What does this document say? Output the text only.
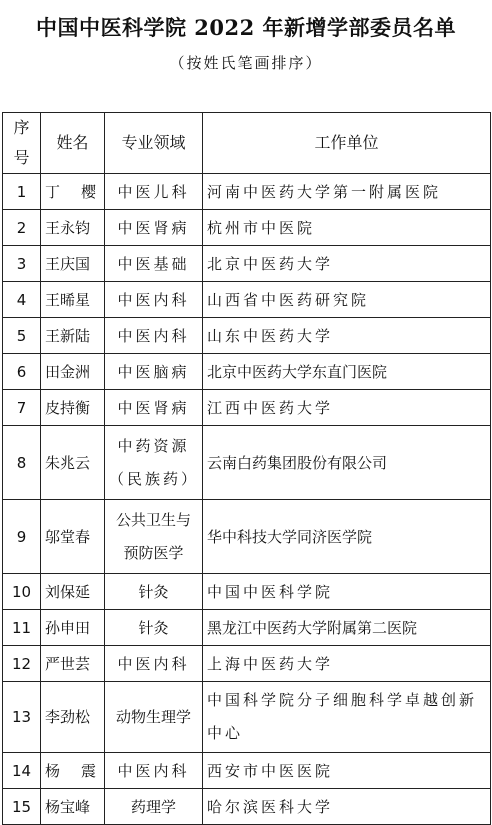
中国中医科学院 2022 年新增学部委员名单
（按姓氏笔画排序）
序号	姓名	专业领域	工作单位
1	丁　樱	中医儿科	河南中医药大学第一附属医院
2	王永钧	中医肾病	杭州市中医院
3	王庆国	中医基础	北京中医药大学
4	王晞星	中医内科	山西省中医药研究院
5	王新陆	中医内科	山东中医药大学
6	田金洲	中医脑病	北京中医药大学东直门医院
7	皮持衡	中医肾病	江西中医药大学
8	朱兆云	中药资源（民族药）	云南白药集团股份有限公司
9	邬堂春	公共卫生与预防医学	华中科技大学同济医学院
10	刘保延	针灸	中国中医科学院
11	孙申田	针灸	黑龙江中医药大学附属第二医院
12	严世芸	中医内科	上海中医药大学
13	李劲松	动物生理学	中国科学院分子细胞科学卓越创新中心
14	杨　震	中医内科	西安市中医医院
15	杨宝峰	药理学	哈尔滨医科大学
